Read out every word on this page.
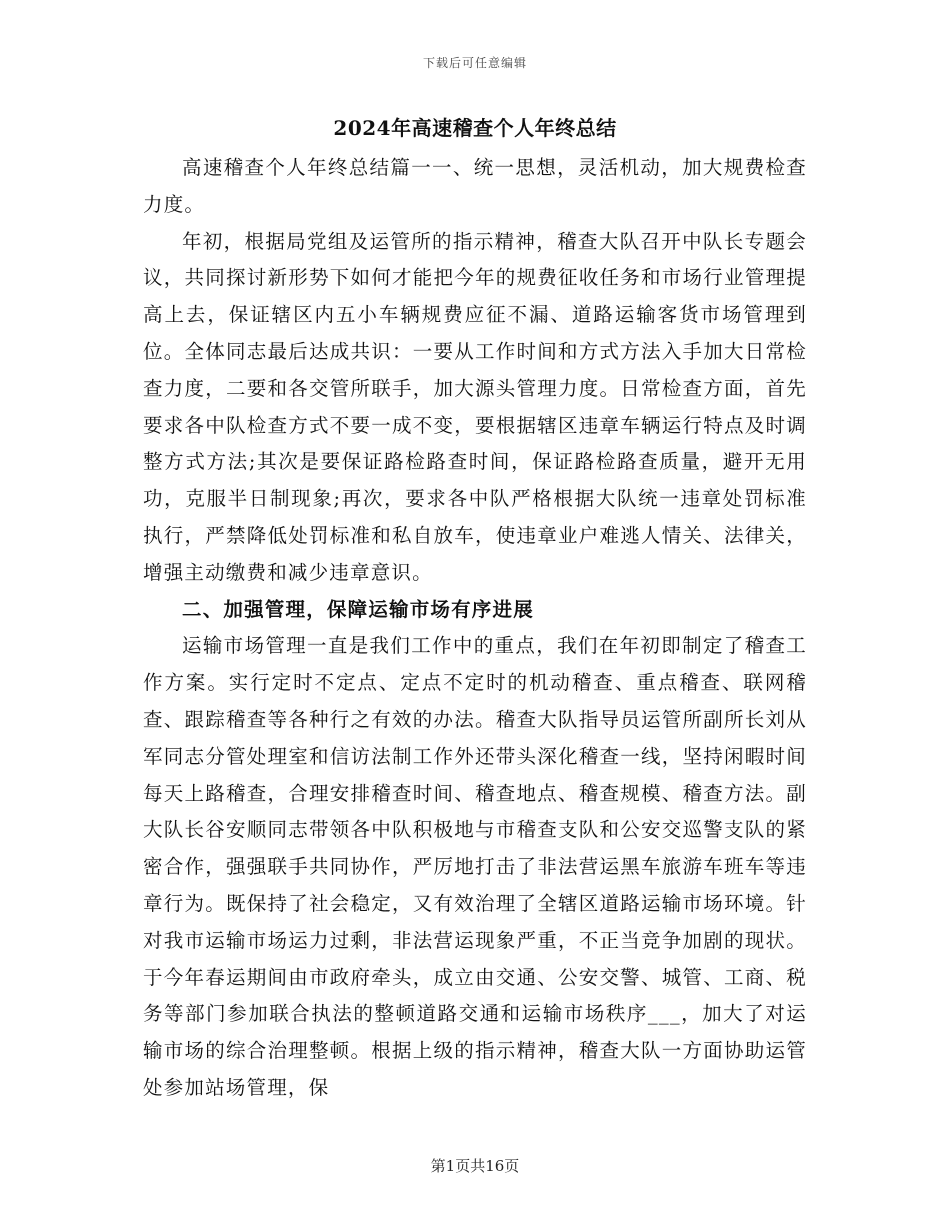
下载后可任意编辑
2024年高速稽查个人年终总结

高速稽查个人年终总结篇一一、统一思想，灵活机动，加大规费检查力度。

年初，根据局党组及运管所的指示精神，稽查大队召开中队长专题会议，共同探讨新形势下如何才能把今年的规费征收任务和市场行业管理提高上去，保证辖区内五小车辆规费应征不漏、道路运输客货市场管理到位。全体同志最后达成共识：一要从工作时间和方式方法入手加大日常检查力度，二要和各交管所联手，加大源头管理力度。日常检查方面，首先要求各中队检查方式不要一成不变，要根据辖区违章车辆运行特点及时调整方式方法;其次是要保证路检路查时间，保证路检路查质量，避开无用功，克服半日制现象;再次，要求各中队严格根据大队统一违章处罚标准执行，严禁降低处罚标准和私自放车，使违章业户难逃人情关、法律关，增强主动缴费和减少违章意识。

二、加强管理，保障运输市场有序进展

运输市场管理一直是我们工作中的重点，我们在年初即制定了稽查工作方案。实行定时不定点、定点不定时的机动稽查、重点稽查、联网稽查、跟踪稽查等各种行之有效的办法。稽查大队指导员运管所副所长刘从军同志分管处理室和信访法制工作外还带头深化稽查一线，坚持闲暇时间每天上路稽查，合理安排稽查时间、稽查地点、稽查规模、稽查方法。副大队长谷安顺同志带领各中队积极地与市稽查支队和公安交巡警支队的紧密合作，强强联手共同协作，严厉地打击了非法营运黑车旅游车班车等违章行为。既保持了社会稳定，又有效治理了全辖区道路运输市场环境。针对我市运输市场运力过剩，非法营运现象严重，不正当竞争加剧的现状。于今年春运期间由市政府牵头，成立由交通、公安交警、城管、工商、税务等部门参加联合执法的整顿道路交通和运输市场秩序___，加大了对运输市场的综合治理整顿。根据上级的指示精神，稽查大队一方面协助运管处参加站场管理，保

第1页共16页
